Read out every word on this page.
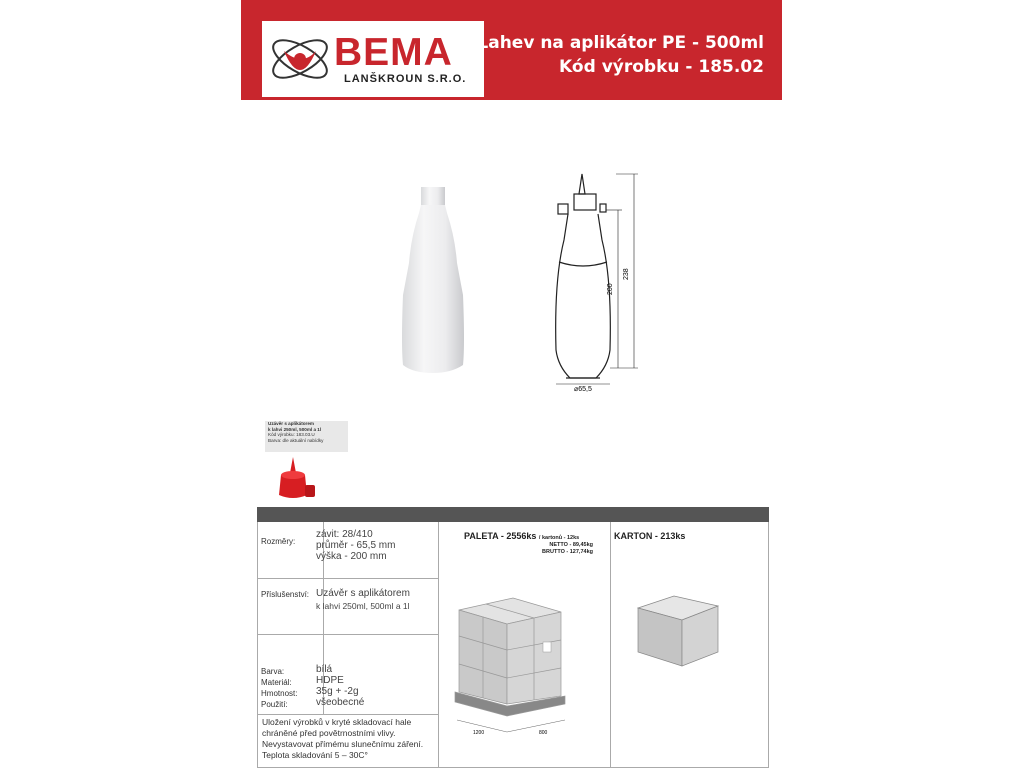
BEMA
LANŠKROUN S.R.O.
Lahev na aplikátor PE - 500ml
Kód výrobku - 185.02
238
200
⌀65,5
Uzávěr s aplikátorem
k lahvi 250ml, 500ml a 1l
Kód výrobku: 183.03.U
Barva: dle aktuální nabídky
Rozměry:
závit: 28/410
průměr - 65,5 mm
výška - 200 mm
Příslušenství: Uzávěr s aplikátorem
k lahvi 250ml, 500ml a 1l
Barva:
Materiál:
Hmotnost:
Použití:
bílá
HDPE
35g + -2g
všeobecné
Uložení výrobků v kryté skladovací hale
chráněné před povětrnostními vlivy.
Nevystavovat přímému slunečnímu záření.
Teplota skladování 5 – 30C°
PALETA - 2556ks / kartonů - 12ks
NETTO - 89,45kg
BRUTTO - 127,74kg
1200	800
KARTON - 213ks
